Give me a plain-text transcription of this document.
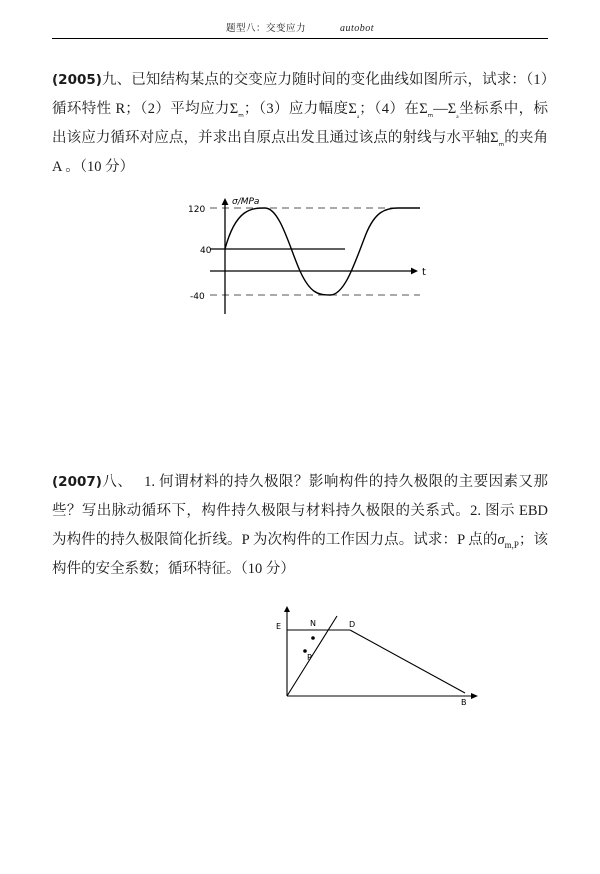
题型八：交变应力	autobot
(2005)九、已知结构某点的交变应力随时间的变化曲线如图所示，试求：（1）循环特性 R；（2）平均应力$\Sigma_{_m}$；（3）应力幅度$\Sigma_{_a}$；（4）在$\Sigma_{_m}—\Sigma_{_a}$坐标系中，标出该应力循环对应点，并求出自原点出发且通过该点的射线与水平轴$\Sigma_{_m}$的夹角A 。（10 分）
σ/MPa
120
40
-40
t
(2007)八、　 1. 何谓材料的持久极限？影响构件的持久极限的主要因素又那些？写出脉动循环下，构件持久极限与材料持久极限的关系式。2. 图示 EBD 为构件的持久极限简化折线。P 为次构件的工作因力点。试求：P 点的$\sigma_{m,P}$；该构件的安全系数；循环特征。（10 分）
E	N	D
P
B
